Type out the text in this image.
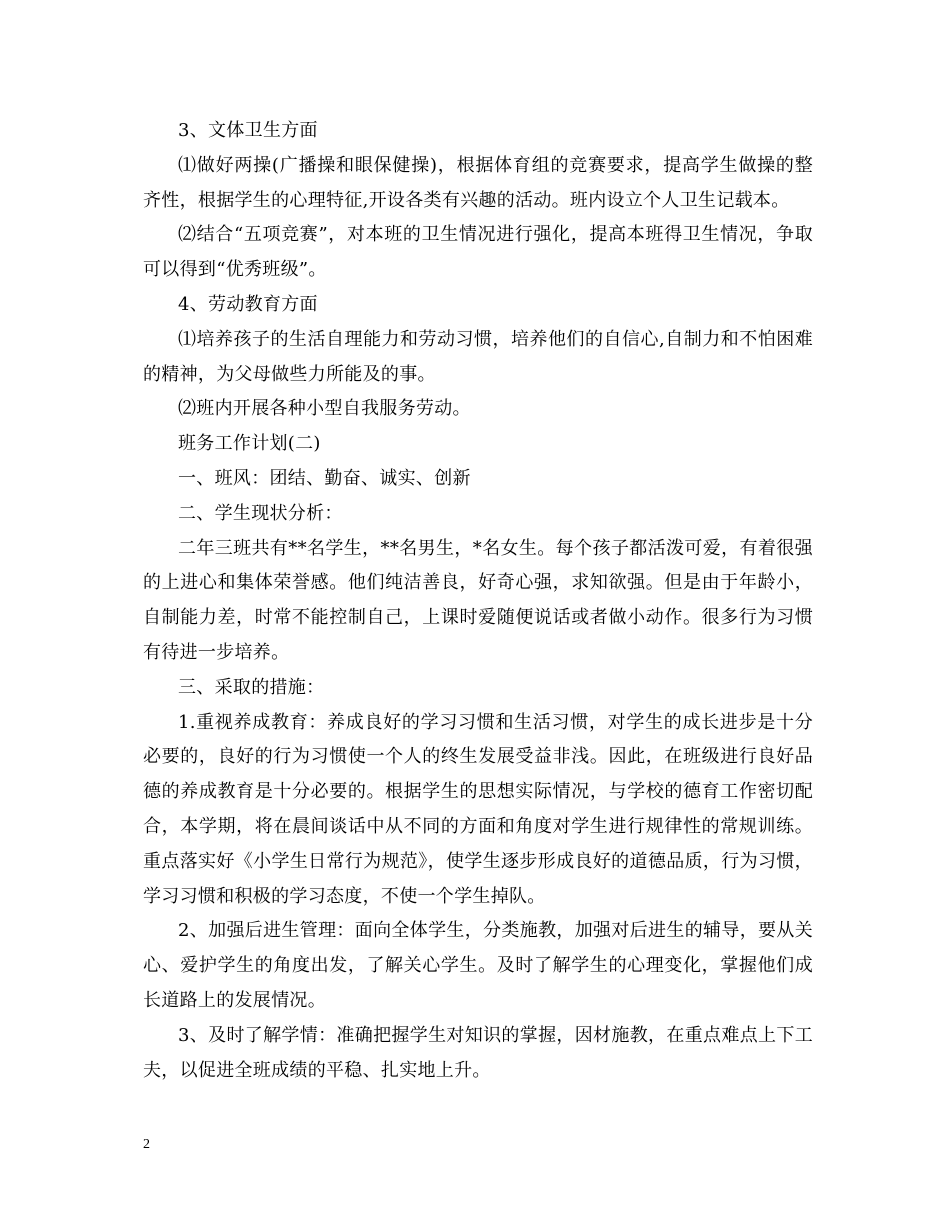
3、文体卫生方面

⑴做好两操(广播操和眼保健操)，根据体育组的竞赛要求，提高学生做操的整齐性，根据学生的心理特征,开设各类有兴趣的活动。班内设立个人卫生记载本。

⑵结合“五项竞赛”，对本班的卫生情况进行强化，提高本班得卫生情况，争取可以得到“优秀班级”。

4、劳动教育方面

⑴培养孩子的生活自理能力和劳动习惯，培养他们的自信心,自制力和不怕困难的精神，为父母做些力所能及的事。

⑵班内开展各种小型自我服务劳动。

班务工作计划(二)

一、班风：团结、勤奋、诚实、创新

二、学生现状分析：

二年三班共有**名学生，**名男生，*名女生。每个孩子都活泼可爱，有着很强的上进心和集体荣誉感。他们纯洁善良，好奇心强，求知欲强。但是由于年龄小，自制能力差，时常不能控制自己，上课时爱随便说话或者做小动作。很多行为习惯有待进一步培养。

三、采取的措施：

1.重视养成教育：养成良好的学习习惯和生活习惯，对学生的成长进步是十分必要的，良好的行为习惯使一个人的终生发展受益非浅。因此，在班级进行良好品德的养成教育是十分必要的。根据学生的思想实际情况，与学校的德育工作密切配合，本学期，将在晨间谈话中从不同的方面和角度对学生进行规律性的常规训练。重点落实好《小学生日常行为规范》，使学生逐步形成良好的道德品质，行为习惯，学习习惯和积极的学习态度，不使一个学生掉队。

2、加强后进生管理：面向全体学生，分类施教，加强对后进生的辅导，要从关心、爱护学生的角度出发，了解关心学生。及时了解学生的心理变化，掌握他们成长道路上的发展情况。

3、及时了解学情：准确把握学生对知识的掌握，因材施教，在重点难点上下工夫，以促进全班成绩的平稳、扎实地上升。

2
